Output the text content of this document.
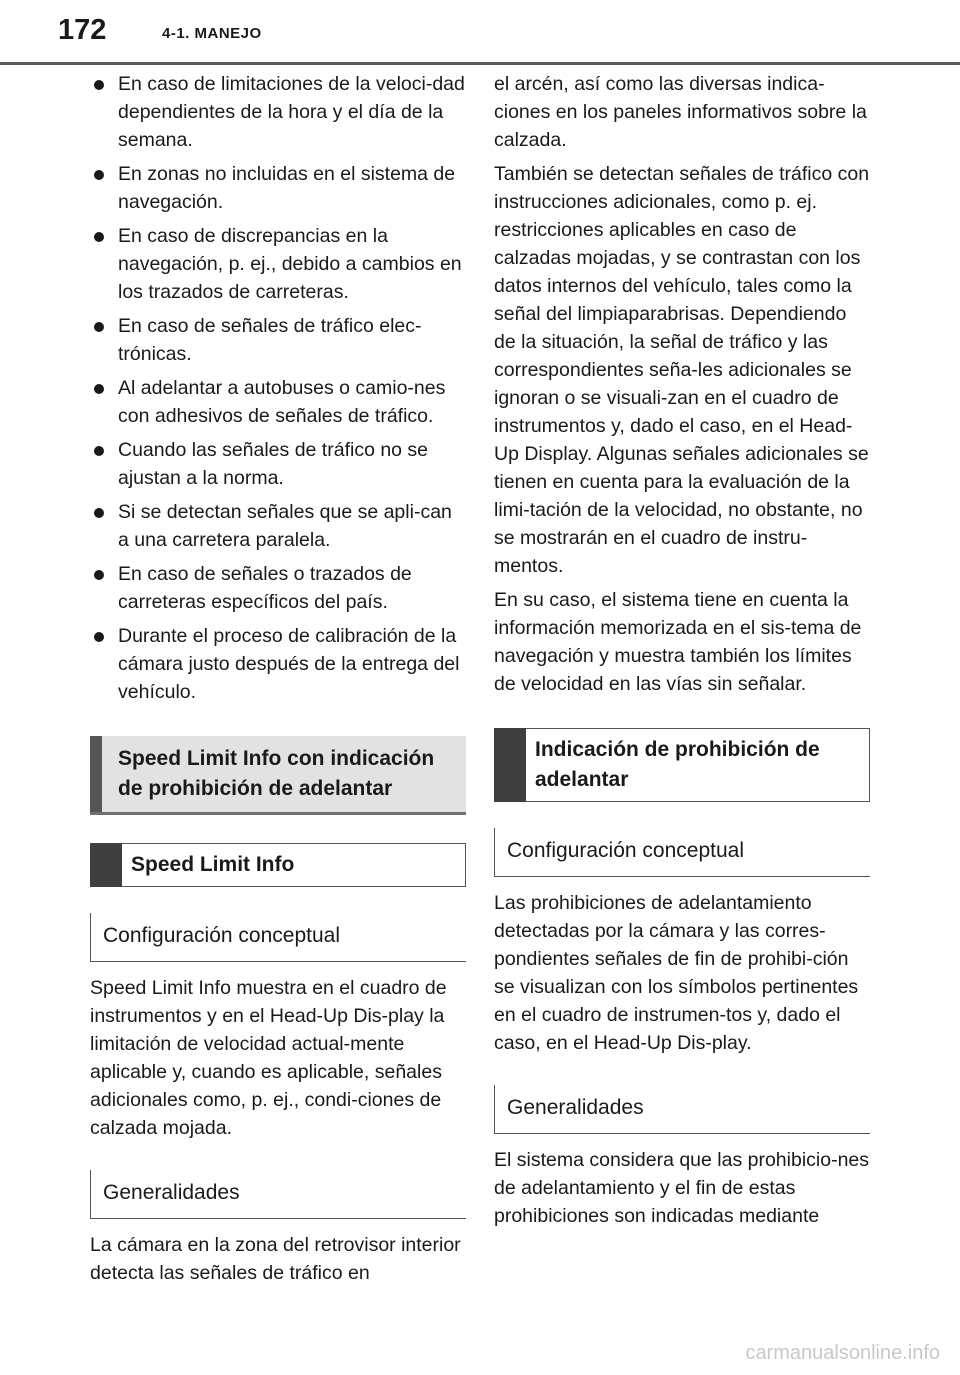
172	4-1. MANEJO
En caso de limitaciones de la veloci-dad dependientes de la hora y el día de la semana.
En zonas no incluidas en el sistema de navegación.
En caso de discrepancias en la navegación, p. ej., debido a cambios en los trazados de carreteras.
En caso de señales de tráfico elec-trónicas.
Al adelantar a autobuses o camio-nes con adhesivos de señales de tráfico.
Cuando las señales de tráfico no se ajustan a la norma.
Si se detectan señales que se apli-can a una carretera paralela.
En caso de señales o trazados de carreteras específicos del país.
Durante el proceso de calibración de la cámara justo después de la entrega del vehículo.
Speed Limit Info con indicación de prohibición de adelantar
Speed Limit Info
Configuración conceptual

Speed Limit Info muestra en el cuadro de instrumentos y en el Head-Up Dis-play la limitación de velocidad actual-mente aplicable y, cuando es aplicable, señales adicionales como, p. ej., condi-ciones de calzada mojada.

Generalidades

La cámara en la zona del retrovisor interior detecta las señales de tráfico en

el arcén, así como las diversas indica-ciones en los paneles informativos sobre la calzada.

También se detectan señales de tráfico con instrucciones adicionales, como p. ej. restricciones aplicables en caso de calzadas mojadas, y se contrastan con los datos internos del vehículo, tales como la señal del limpiaparabrisas. Dependiendo de la situación, la señal de tráfico y las correspondientes seña-les adicionales se ignoran o se visuali-zan en el cuadro de instrumentos y, dado el caso, en el Head-Up Display. Algunas señales adicionales se tienen en cuenta para la evaluación de la limi-tación de la velocidad, no obstante, no se mostrarán en el cuadro de instru-mentos.

En su caso, el sistema tiene en cuenta la información memorizada en el sis-tema de navegación y muestra también los límites de velocidad en las vías sin señalar.

Indicación de prohibición de adelantar
Configuración conceptual

Las prohibiciones de adelantamiento detectadas por la cámara y las corres-pondientes señales de fin de prohibi-ción se visualizan con los símbolos pertinentes en el cuadro de instrumen-tos y, dado el caso, en el Head-Up Dis-play.

Generalidades

El sistema considera que las prohibicio-nes de adelantamiento y el fin de estas prohibiciones son indicadas mediante

carmanualsonline.info
